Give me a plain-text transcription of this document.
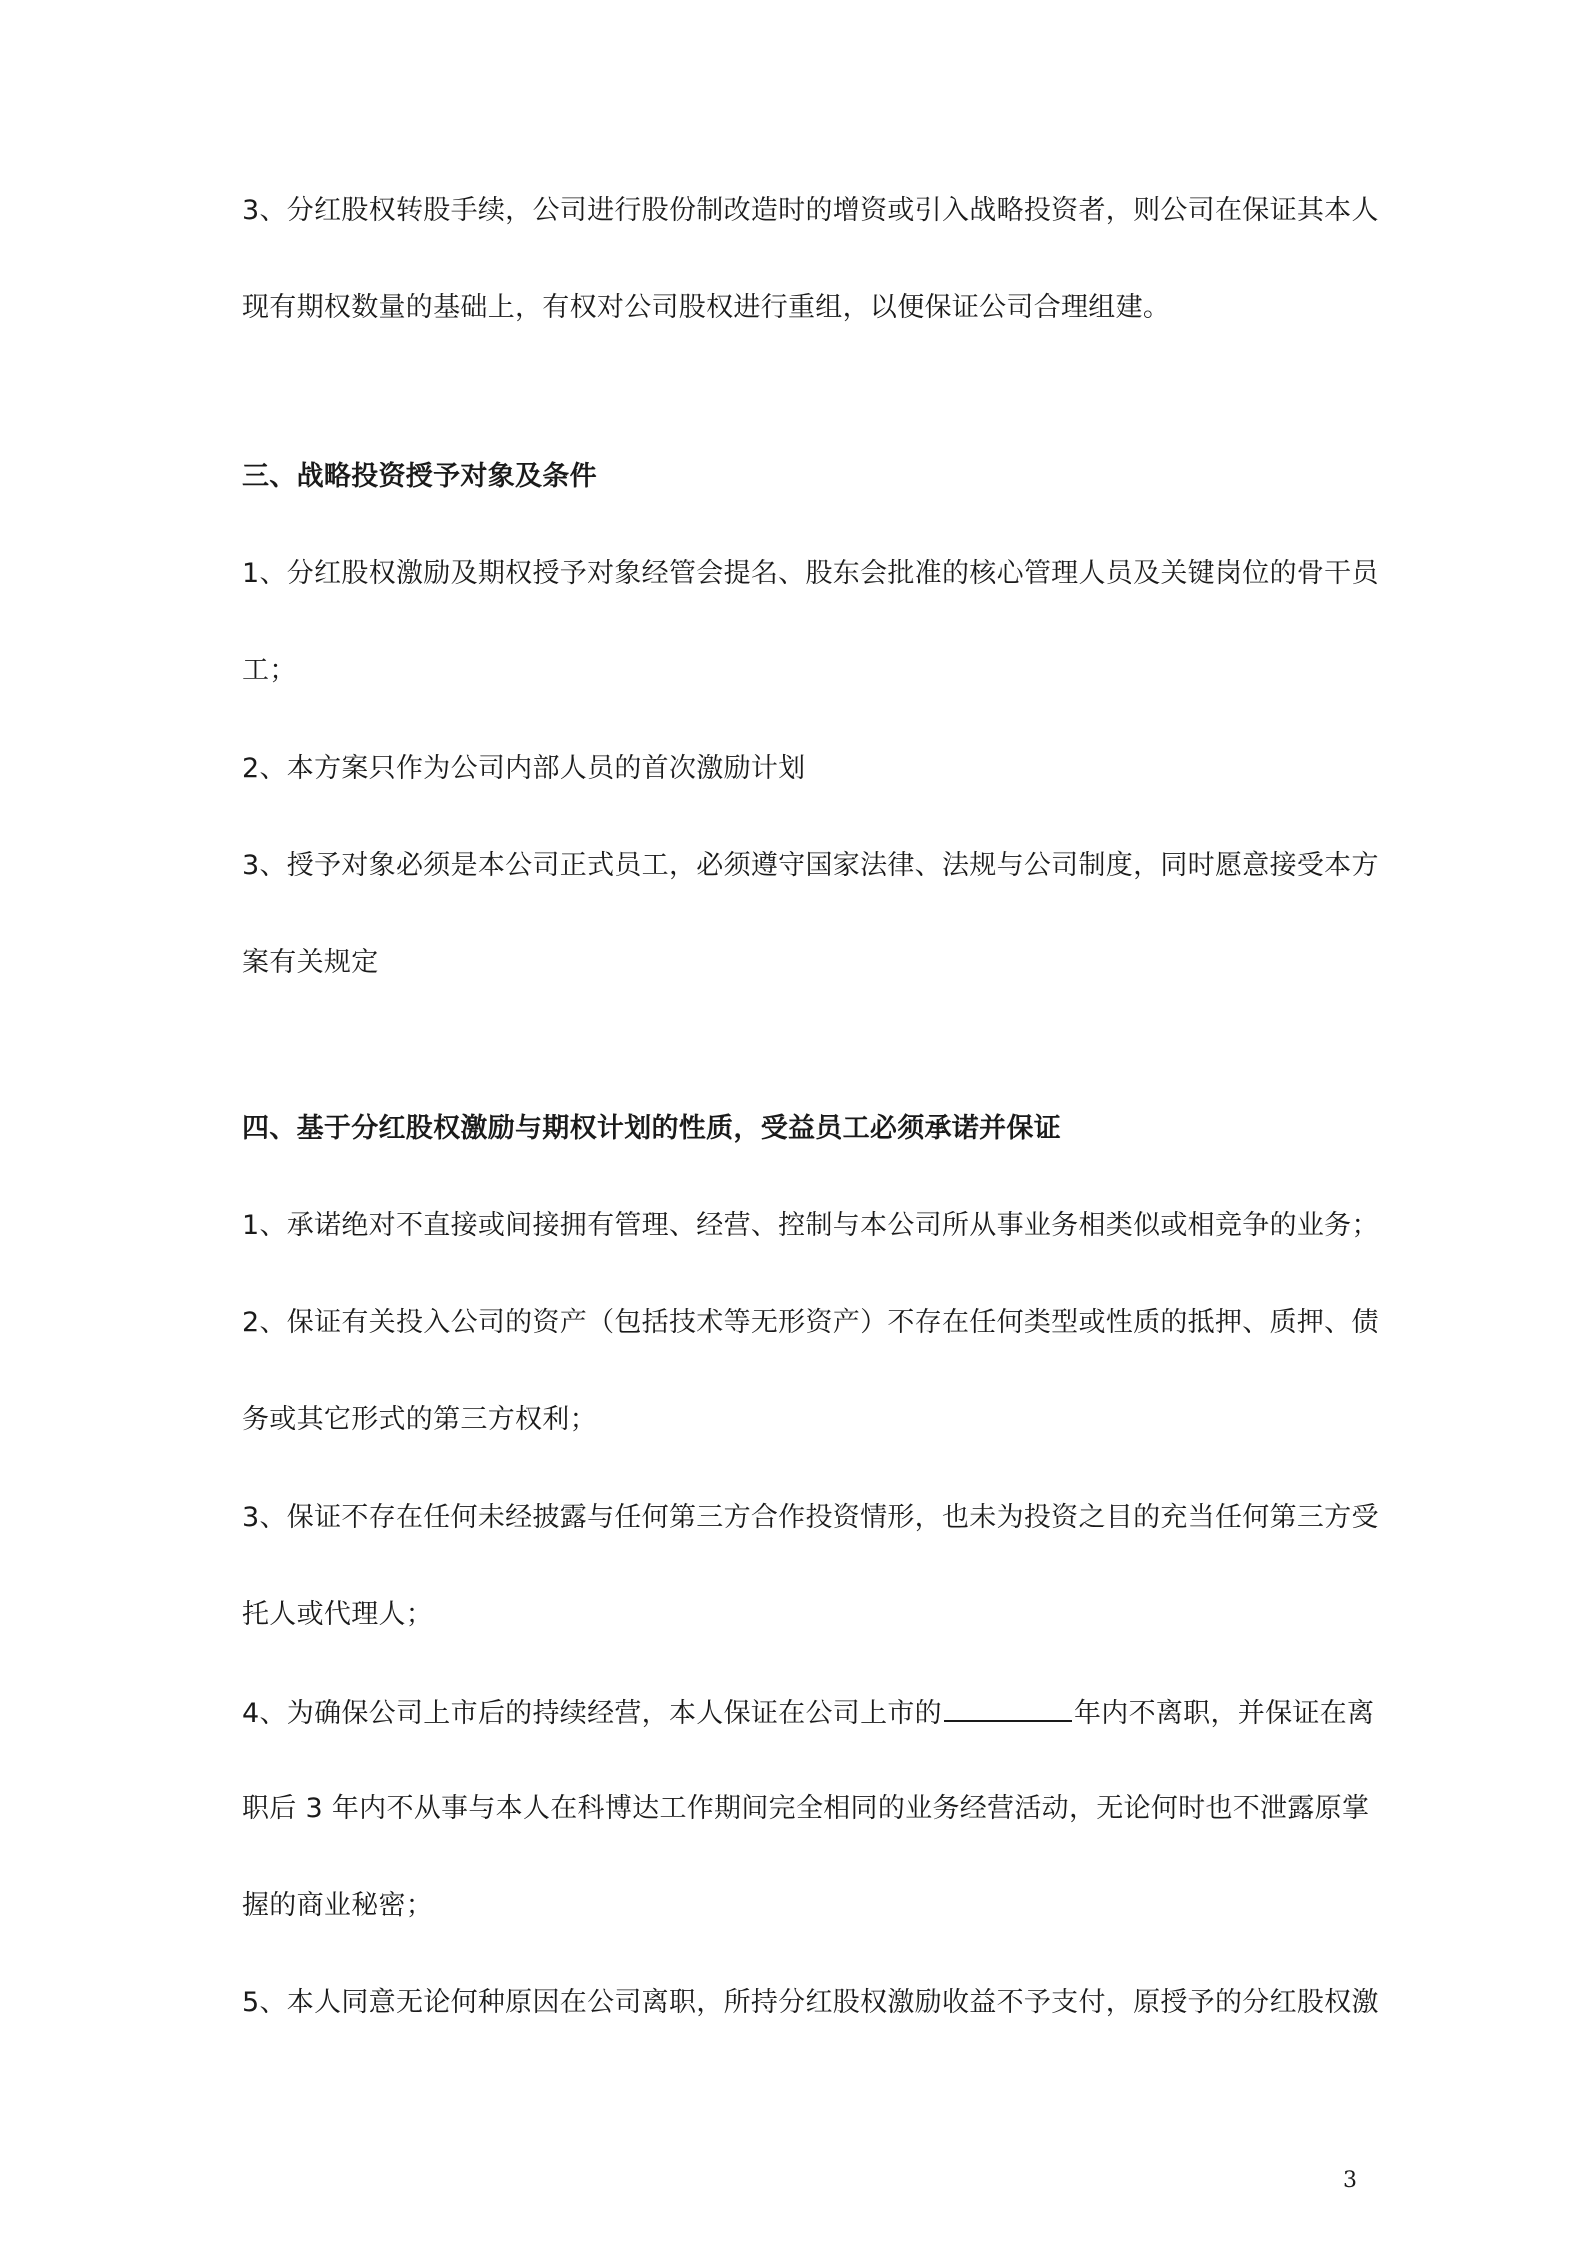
3、分红股权转股手续，公司进行股份制改造时的增资或引入战略投资者，则公司在保证其本人
现有期权数量的基础上，有权对公司股权进行重组，以便保证公司合理组建。
三、战略投资授予对象及条件
1、分红股权激励及期权授予对象经管会提名、股东会批准的核心管理人员及关键岗位的骨干员
工；
2、本方案只作为公司内部人员的首次激励计划
3、授予对象必须是本公司正式员工，必须遵守国家法律、法规与公司制度，同时愿意接受本方
案有关规定
四、基于分红股权激励与期权计划的性质，受益员工必须承诺并保证
1、承诺绝对不直接或间接拥有管理、经营、控制与本公司所从事业务相类似或相竞争的业务；
2、保证有关投入公司的资产（包括技术等无形资产）不存在任何类型或性质的抵押、质押、债
务或其它形式的第三方权利；
3、保证不存在任何未经披露与任何第三方合作投资情形，也未为投资之目的充当任何第三方受
托人或代理人；
4、为确保公司上市后的持续经营，本人保证在公司上市的	年内不离职，并保证在离
职后 3 年内不从事与本人在科博达工作期间完全相同的业务经营活动，无论何时也不泄露原掌
握的商业秘密；
5、本人同意无论何种原因在公司离职，所持分红股权激励收益不予支付，原授予的分红股权激
3
